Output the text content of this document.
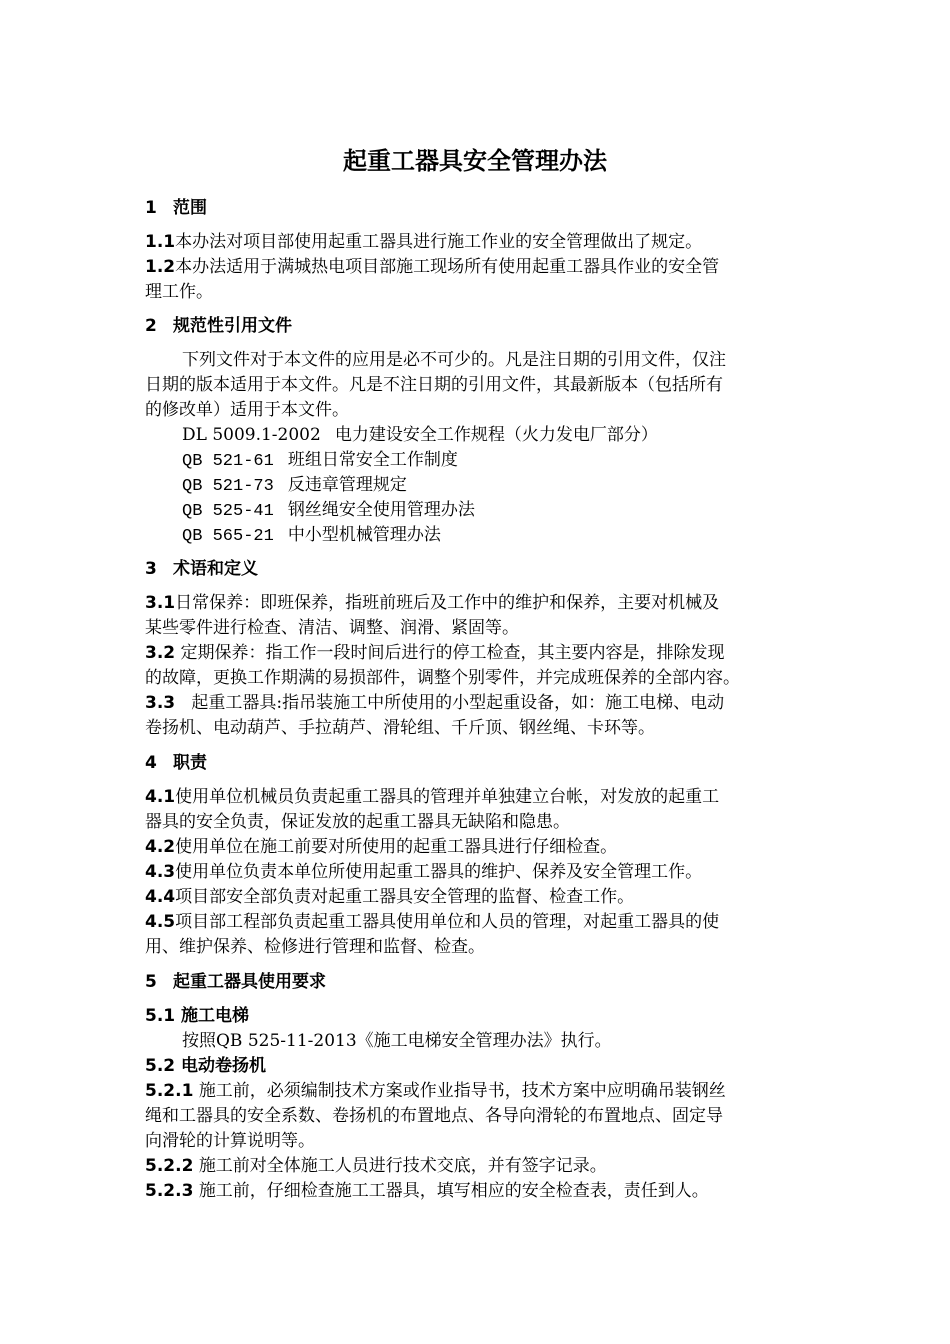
起重工器具安全管理办法
1 范围
1.1本办法对项目部使用起重工器具进行施工作业的安全管理做出了规定。
1.2本办法适用于满城热电项目部施工现场所有使用起重工器具作业的安全管
理工作。
2 规范性引用文件
下列文件对于本文件的应用是必不可少的。凡是注日期的引用文件，仅注
日期的版本适用于本文件。凡是不注日期的引用文件，其最新版本（包括所有
的修改单）适用于本文件。
DL 5009.1-2002 电力建设安全工作规程（火力发电厂部分）
QB 521-61 班组日常安全工作制度
QB 521-73 反违章管理规定
QB 525-41 钢丝绳安全使用管理办法
QB 565-21 中小型机械管理办法
3 术语和定义
3.1日常保养：即班保养，指班前班后及工作中的维护和保养，主要对机械及
某些零件进行检查、清洁、调整、润滑、紧固等。
3.2 定期保养：指工作一段时间后进行的停工检查，其主要内容是，排除发现
的故障，更换工作期满的易损部件，调整个别零件，并完成班保养的全部内容。
3.3 起重工器具:指吊装施工中所使用的小型起重设备，如：施工电梯、电动
卷扬机、电动葫芦、手拉葫芦、滑轮组、千斤顶、钢丝绳、卡环等。
4 职责
4.1使用单位机械员负责起重工器具的管理并单独建立台帐，对发放的起重工
器具的安全负责，保证发放的起重工器具无缺陷和隐患。
4.2使用单位在施工前要对所使用的起重工器具进行仔细检查。
4.3使用单位负责本单位所使用起重工器具的维护、保养及安全管理工作。
4.4项目部安全部负责对起重工器具安全管理的监督、检查工作。
4.5项目部工程部负责起重工器具使用单位和人员的管理，对起重工器具的使
用、维护保养、检修进行管理和监督、检查。
5 起重工器具使用要求
5.1 施工电梯
按照QB 525-11-2013《施工电梯安全管理办法》执行。
5.2 电动卷扬机
5.2.1 施工前，必须编制技术方案或作业指导书，技术方案中应明确吊装钢丝
绳和工器具的安全系数、卷扬机的布置地点、各导向滑轮的布置地点、固定导
向滑轮的计算说明等。
5.2.2 施工前对全体施工人员进行技术交底，并有签字记录。
5.2.3 施工前，仔细检查施工工器具，填写相应的安全检查表，责任到人。
